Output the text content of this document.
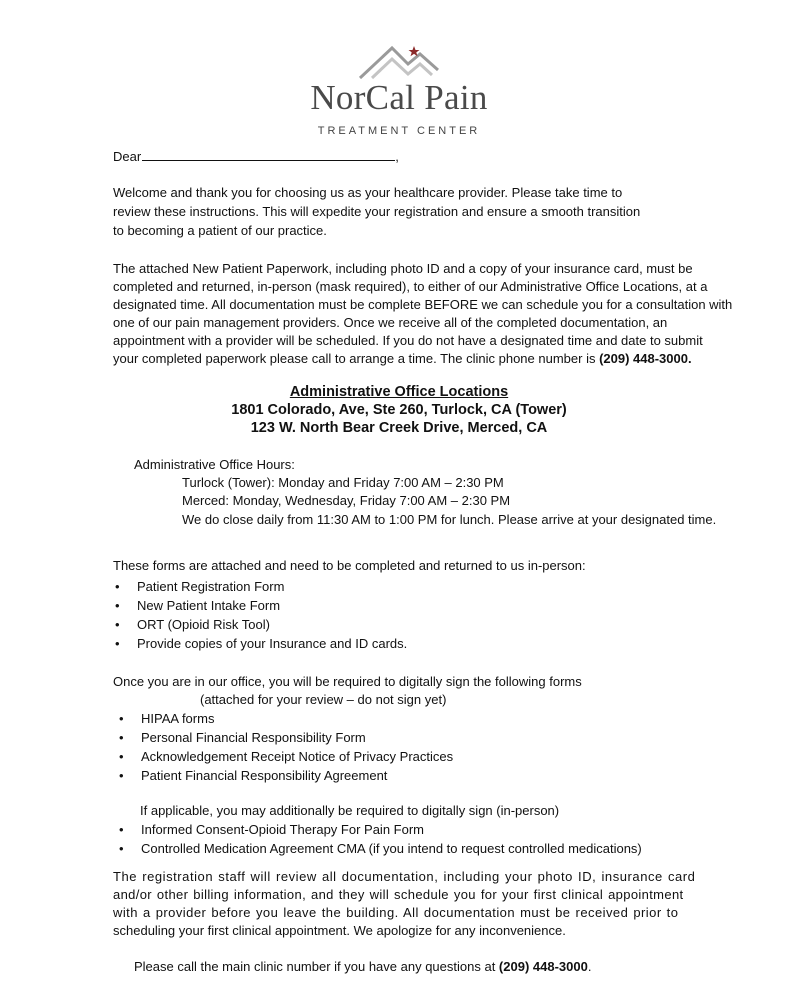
NorCal Pain
TREATMENT CENTER
Dear	,
Welcome and thank you for choosing us as your healthcare provider. Please take time to
review these instructions. This will expedite your registration and ensure a smooth transition
to becoming a patient of our practice.
The attached New Patient Paperwork, including photo ID and a copy of your insurance card, must be
completed and returned, in-person (mask required), to either of our Administrative Office Locations, at a
designated time. All documentation must be complete BEFORE we can schedule you for a consultation with
one of our pain management providers. Once we receive all of the completed documentation, an
appointment with a provider will be scheduled. If you do not have a designated time and date to submit
your completed paperwork please call to arrange a time. The clinic phone number is (209) 448-3000.
Administrative Office Locations
1801 Colorado, Ave, Ste 260, Turlock, CA (Tower)
123 W. North Bear Creek Drive, Merced, CA
Administrative Office Hours:
Turlock (Tower): Monday and Friday 7:00 AM – 2:30 PM
Merced: Monday, Wednesday, Friday 7:00 AM – 2:30 PM
We do close daily from 11:30 AM to 1:00 PM for lunch. Please arrive at your designated time.
These forms are attached and need to be completed and returned to us in-person:
• Patient Registration Form
• New Patient Intake Form
• ORT (Opioid Risk Tool)
• Provide copies of your Insurance and ID cards.
Once you are in our office, you will be required to digitally sign the following forms
(attached for your review – do not sign yet)
• HIPAA forms
• Personal Financial Responsibility Form
• Acknowledgement Receipt Notice of Privacy Practices
• Patient Financial Responsibility Agreement
If applicable, you may additionally be required to digitally sign (in-person)
• Informed Consent-Opioid Therapy For Pain Form
• Controlled Medication Agreement CMA (if you intend to request controlled medications)
The registration staff will review all documentation, including your photo ID, insurance card
and/or other billing information, and they will schedule you for your first clinical appointment
with a provider before you leave the building. All documentation must be received prior to
scheduling your first clinical appointment. We apologize for any inconvenience.
Please call the main clinic number if you have any questions at (209) 448-3000.
